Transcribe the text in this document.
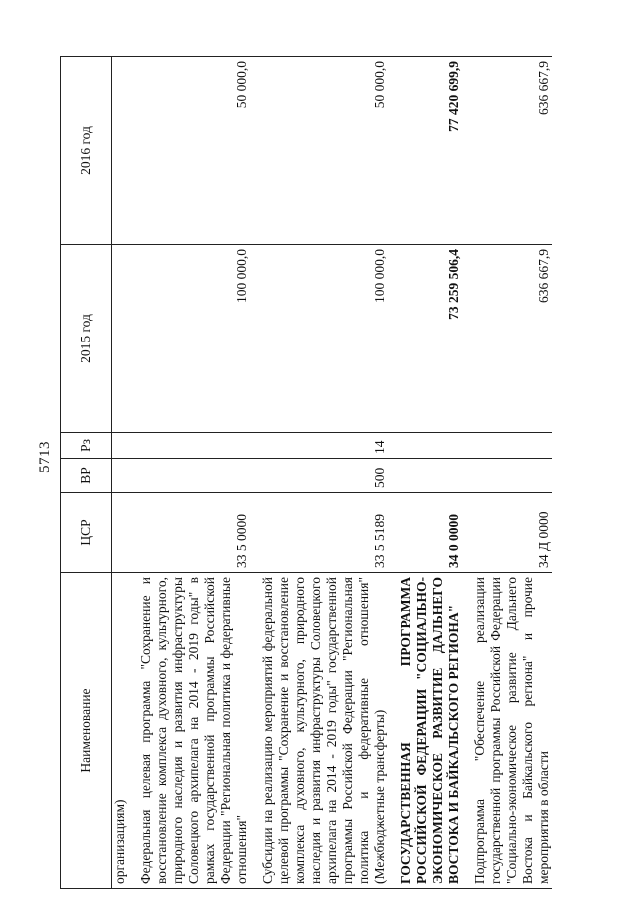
5713
Наименование	ЦСР	ВР	Рз	2015 год	2016 год

организациям)					

Федеральная целевая программа "Сохранение и восстановление комплекса духовного, культурного, природного наследия и развития инфраструктуры Соловецкого архипелага на 2014 - 2019 годы" в рамках государственной программы Российской Федерации "Региональная политика и федеративные отношения"	33 5 0000			100 000,0	50 000,0

Субсидии на реализацию мероприятий федеральной целевой программы "Сохранение и восстановление комплекса духовного, культурного, природного наследия и развития инфраструктуры Соловецкого архипелага на 2014 - 2019 годы" государственной программы Российской Федерации "Региональная политика и федеративные отношения" (Межбюджетные трансферты)	33 5 5189	500	14	100 000,0	50 000,0

ГОСУДАРСТВЕННАЯ ПРОГРАММА РОССИЙСКОЙ ФЕДЕРАЦИИ "СОЦИАЛЬНО-ЭКОНОМИЧЕСКОЕ РАЗВИТИЕ ДАЛЬНЕГО ВОСТОКА И БАЙКАЛЬСКОГО РЕГИОНА"	34 0 0000			73 259 506,4	77 420 699,9

Подпрограмма "Обеспечение реализации государственной программы Российской Федерации "Социально-экономическое развитие Дальнего Востока и Байкальского региона" и прочие мероприятия в области	34 Д 0000			636 667,9	636 667,9
